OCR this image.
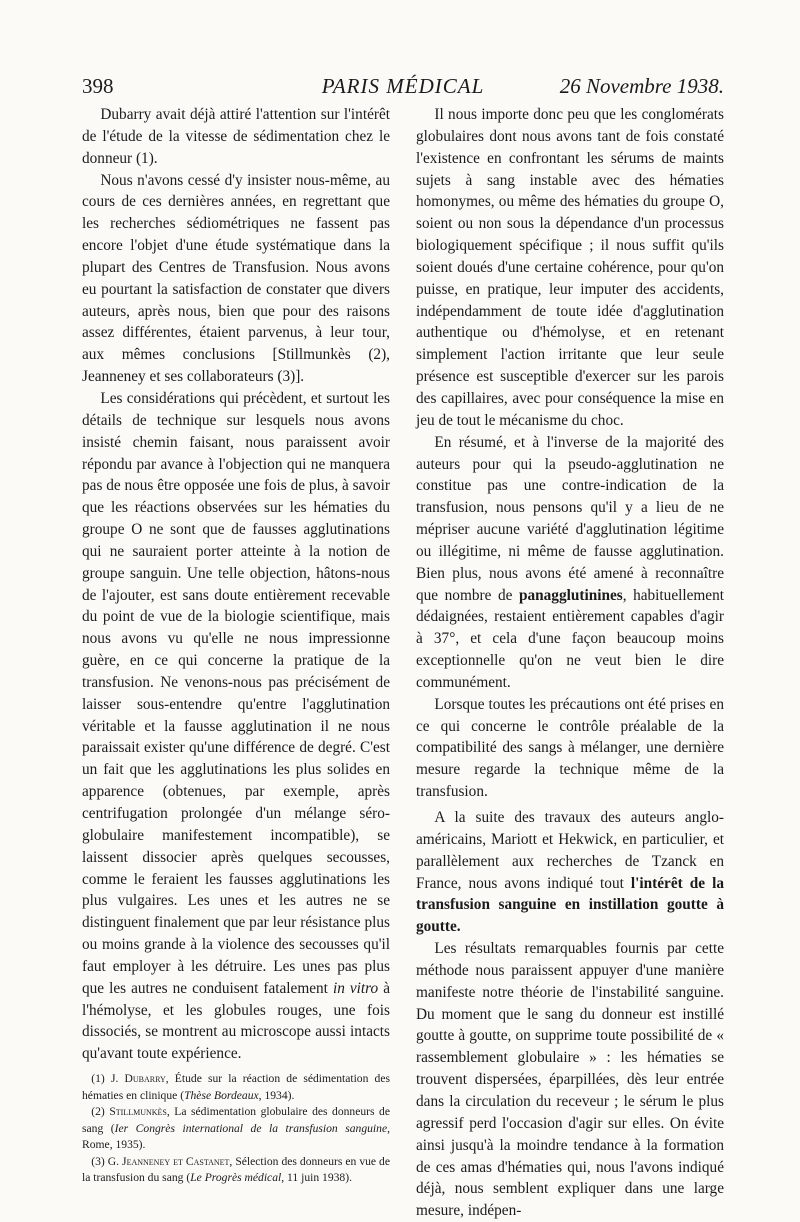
398	PARIS MÉDICAL	26 Novembre 1938.

Dubarry avait déjà attiré l'attention sur l'intérêt de l'étude de la vitesse de sédimentation chez le donneur (1).

Nous n'avons cessé d'y insister nous-même, au cours de ces dernières années, en regrettant que les recherches sédiométriques ne fassent pas encore l'objet d'une étude systématique dans la plupart des Centres de Transfusion. Nous avons eu pourtant la satisfaction de constater que divers auteurs, après nous, bien que pour des raisons assez différentes, étaient parvenus, à leur tour, aux mêmes conclusions [Stillmunkès (2), Jeanneney et ses collaborateurs (3)].

Les considérations qui précèdent, et surtout les détails de technique sur lesquels nous avons insisté chemin faisant, nous paraissent avoir répondu par avance à l'objection qui ne manquera pas de nous être opposée une fois de plus, à savoir que les réactions observées sur les hématies du groupe O ne sont que de fausses agglutinations qui ne sauraient porter atteinte à la notion de groupe sanguin. Une telle objection, hâtons-nous de l'ajouter, est sans doute entièrement recevable du point de vue de la biologie scientifique, mais nous avons vu qu'elle ne nous impressionne guère, en ce qui concerne la pratique de la transfusion. Ne venons-nous pas précisément de laisser sous-entendre qu'entre l'agglutination véritable et la fausse agglutination il ne nous paraissait exister qu'une différence de degré. C'est un fait que les agglutinations les plus solides en apparence (obtenues, par exemple, après centrifugation prolongée d'un mélange séro-globulaire manifestement incompatible), se laissent dissocier après quelques secousses, comme le feraient les fausses agglutinations les plus vulgaires. Les unes et les autres ne se distinguent finalement que par leur résistance plus ou moins grande à la violence des secousses qu'il faut employer à les détruire. Les unes pas plus que les autres ne conduisent fatalement in vitro à l'hémolyse, et les globules rouges, une fois dissociés, se montrent au microscope aussi intacts qu'avant toute expérience.

(1) J. Dubarry, Étude sur la réaction de sédimentation des hématies en clinique (Thèse Bordeaux, 1934).
(2) Stillmunkès, La sédimentation globulaire des donneurs de sang (Ier Congrès international de la transfusion sanguine, Rome, 1935).
(3) G. Jeanneney et Castanet, Sélection des donneurs en vue de la transfusion du sang (Le Progrès médical, 11 juin 1938).

Il nous importe donc peu que les conglomérats globulaires dont nous avons tant de fois constaté l'existence en confrontant les sérums de maints sujets à sang instable avec des hématies homonymes, ou même des hématies du groupe O, soient ou non sous la dépendance d'un processus biologiquement spécifique ; il nous suffit qu'ils soient doués d'une certaine cohérence, pour qu'on puisse, en pratique, leur imputer des accidents, indépendamment de toute idée d'agglutination authentique ou d'hémolyse, et en retenant simplement l'action irritante que leur seule présence est susceptible d'exercer sur les parois des capillaires, avec pour conséquence la mise en jeu de tout le mécanisme du choc.

En résumé, et à l'inverse de la majorité des auteurs pour qui la pseudo-agglutination ne constitue pas une contre-indication de la transfusion, nous pensons qu'il y a lieu de ne mépriser aucune variété d'agglutination légitime ou illégitime, ni même de fausse agglutination. Bien plus, nous avons été amené à reconnaître que nombre de panagglutinines, habituellement dédaignées, restaient entièrement capables d'agir à 37°, et cela d'une façon beaucoup moins exceptionnelle qu'on ne veut bien le dire communément.

Lorsque toutes les précautions ont été prises en ce qui concerne le contrôle préalable de la compatibilité des sangs à mélanger, une dernière mesure regarde la technique même de la transfusion.

A la suite des travaux des auteurs anglo-américains, Mariott et Hekwick, en particulier, et parallèlement aux recherches de Tzanck en France, nous avons indiqué tout l'intérêt de la transfusion sanguine en instillation goutte à goutte.

Les résultats remarquables fournis par cette méthode nous paraissent appuyer d'une manière manifeste notre théorie de l'instabilité sanguine. Du moment que le sang du donneur est instillé goutte à goutte, on supprime toute possibilité de « rassemblement globulaire » : les hématies se trouvent dispersées, éparpillées, dès leur entrée dans la circulation du receveur ; le sérum le plus agressif perd l'occasion d'agir sur elles. On évite ainsi jusqu'à la moindre tendance à la formation de ces amas d'hématies qui, nous l'avons indiqué déjà, nous semblent expliquer dans une large mesure, indépen-
